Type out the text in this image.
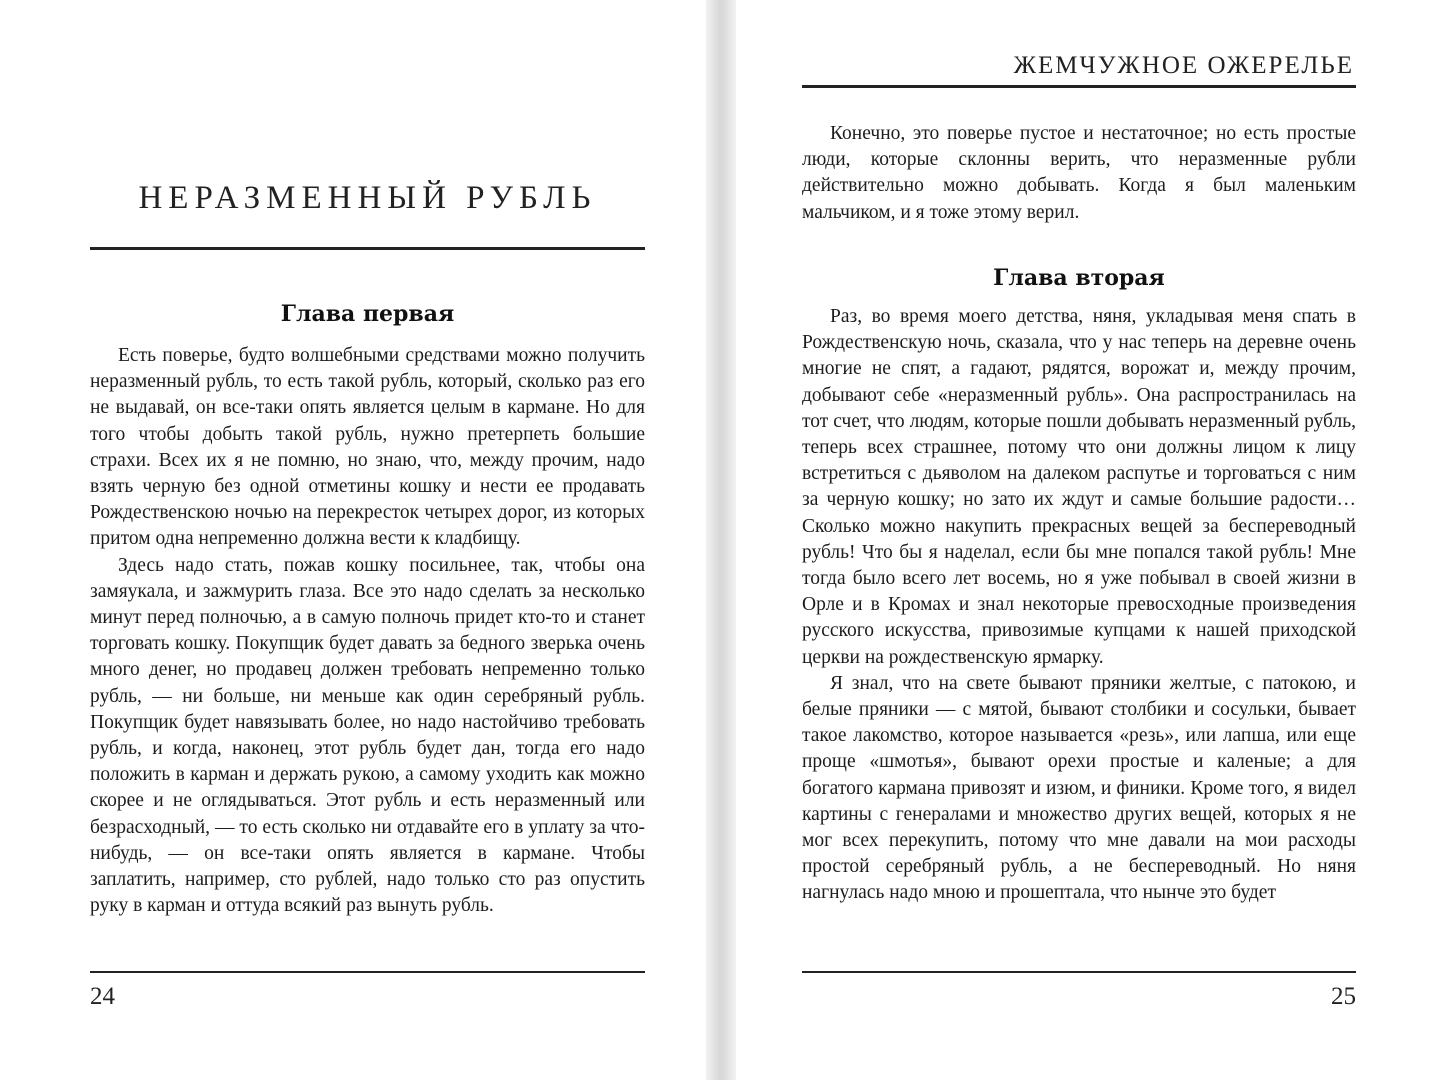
НЕРАЗМЕННЫЙ РУБЛЬ
Глава первая

Есть поверье, будто волшебными средствами можно получить неразменный рубль, то есть такой рубль, который, сколько раз его не выдавай, он все-таки опять является целым в кармане. Но для того чтобы добыть такой рубль, нужно претерпеть большие страхи. Всех их я не помню, но знаю, что, между прочим, надо взять черную без одной отметины кошку и нести ее продавать Рождественскою ночью на перекресток четырех дорог, из которых притом одна непременно должна вести к кладбищу.

Здесь надо стать, пожав кошку посильнее, так, чтобы она замяукала, и зажмурить глаза. Все это надо сделать за несколько минут перед полночью, а в самую полночь придет кто-то и станет торговать кошку. Покупщик будет давать за бедного зверька очень много денег, но продавец должен требовать непременно только рубль, — ни больше, ни меньше как один серебряный рубль. Покупщик будет навязывать более, но надо настойчиво требовать рубль, и когда, наконец, этот рубль будет дан, тогда его надо положить в карман и держать рукою, а самому уходить как можно скорее и не оглядываться. Этот рубль и есть неразменный или безрасходный, — то есть сколько ни отдавайте его в уплату за что-нибудь, — он все-таки опять является в кармане. Чтобы заплатить, например, сто рублей, надо только сто раз опустить руку в карман и оттуда всякий раз вынуть рубль.

24
ЖЕМЧУЖНОЕ ОЖЕРЕЛЬЕ

Конечно, это поверье пустое и нестаточное; но есть простые люди, которые склонны верить, что неразменные рубли действительно можно добывать. Когда я был маленьким мальчиком, и я тоже этому верил.

Глава вторая

Раз, во время моего детства, няня, укладывая меня спать в Рождественскую ночь, сказала, что у нас теперь на деревне очень многие не спят, а гадают, рядятся, ворожат и, между прочим, добывают себе «неразменный рубль». Она распространилась на тот счет, что людям, которые пошли добывать неразменный рубль, теперь всех страшнее, потому что они должны лицом к лицу встретиться с дьяволом на далеком распутье и торговаться с ним за черную кошку; но зато их ждут и самые большие радости… Сколько можно накупить прекрасных вещей за беспереводный рубль! Что бы я наделал, если бы мне попался такой рубль! Мне тогда было всего лет восемь, но я уже побывал в своей жизни в Орле и в Кромах и знал некоторые превосходные произведения русского искусства, привозимые купцами к нашей приходской церкви на рождественскую ярмарку.

Я знал, что на свете бывают пряники желтые, с патокою, и белые пряники — с мятой, бывают столбики и сосульки, бывает такое лакомство, которое называется «резь», или лапша, или еще проще «шмотья», бывают орехи простые и каленые; а для богатого кармана привозят и изюм, и финики. Кроме того, я видел картины с генералами и множество других вещей, которых я не мог всех перекупить, потому что мне давали на мои расходы простой серебряный рубль, а не беспереводный. Но няня нагнулась надо мною и прошептала, что нынче это будет

25
